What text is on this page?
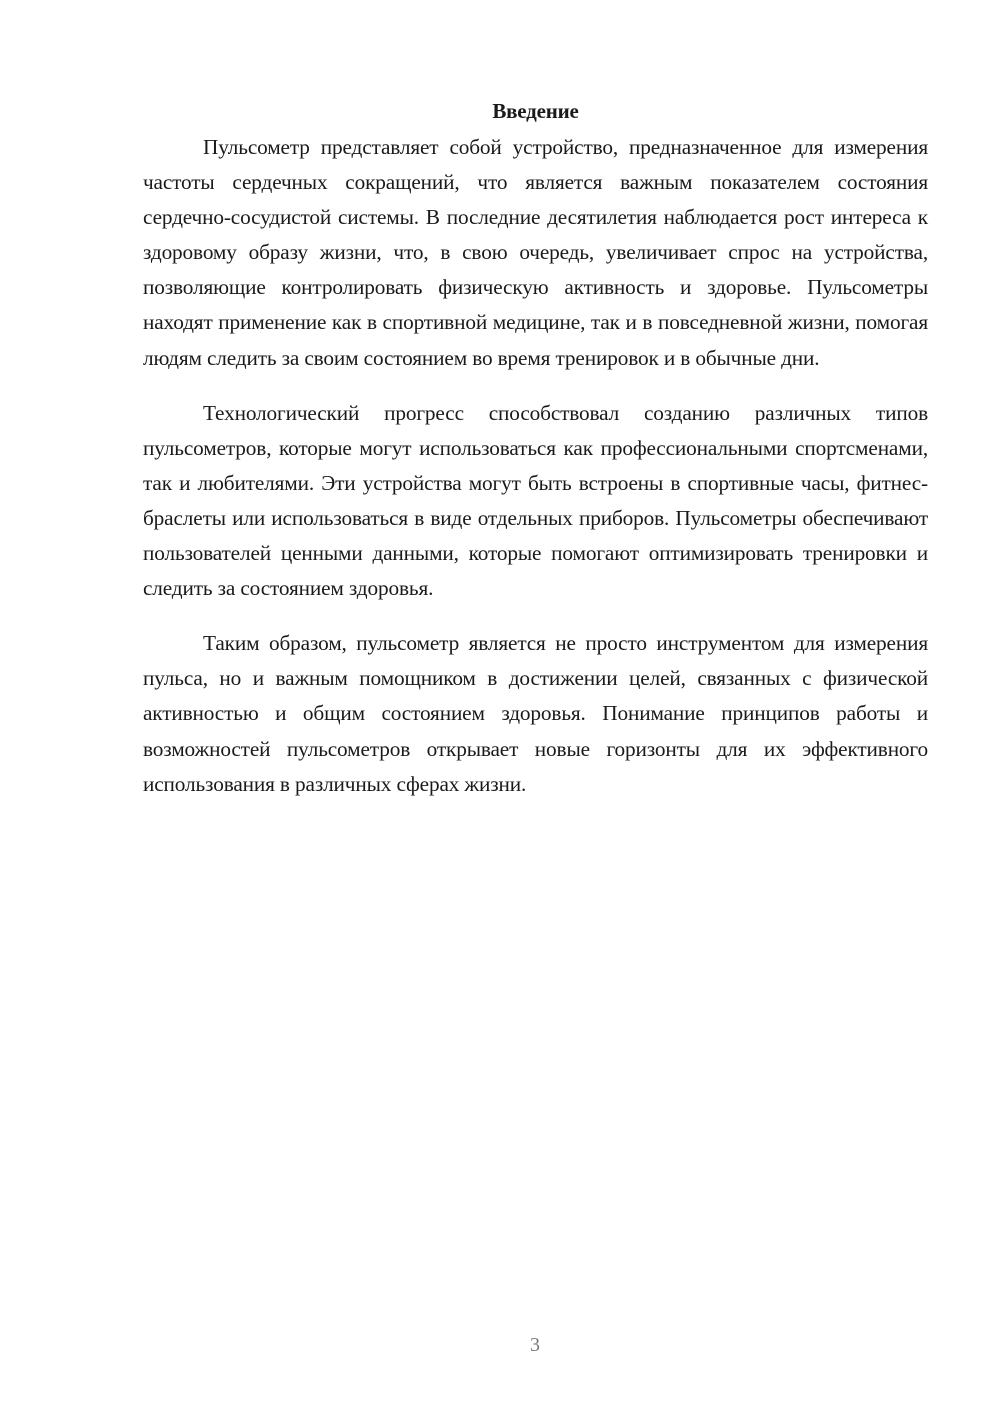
Введение

Пульсометр представляет собой устройство, предназначенное для измерения частоты сердечных сокращений, что является важным показателем состояния сердечно-сосудистой системы. В последние десятилетия наблюдается рост интереса к здоровому образу жизни, что, в свою очередь, увеличивает спрос на устройства, позволяющие контролировать физическую активность и здоровье. Пульсометры находят применение как в спортивной медицине, так и в повседневной жизни, помогая людям следить за своим состоянием во время тренировок и в обычные дни.

Технологический прогресс способствовал созданию различных типов пульсометров, которые могут использоваться как профессиональными спортсменами, так и любителями. Эти устройства могут быть встроены в спортивные часы, фитнес-браслеты или использоваться в виде отдельных приборов. Пульсометры обеспечивают пользователей ценными данными, которые помогают оптимизировать тренировки и следить за состоянием здоровья.

Таким образом, пульсометр является не просто инструментом для измерения пульса, но и важным помощником в достижении целей, связанных с физической активностью и общим состоянием здоровья. Понимание принципов работы и возможностей пульсометров открывает новые горизонты для их эффективного использования в различных сферах жизни.

3
